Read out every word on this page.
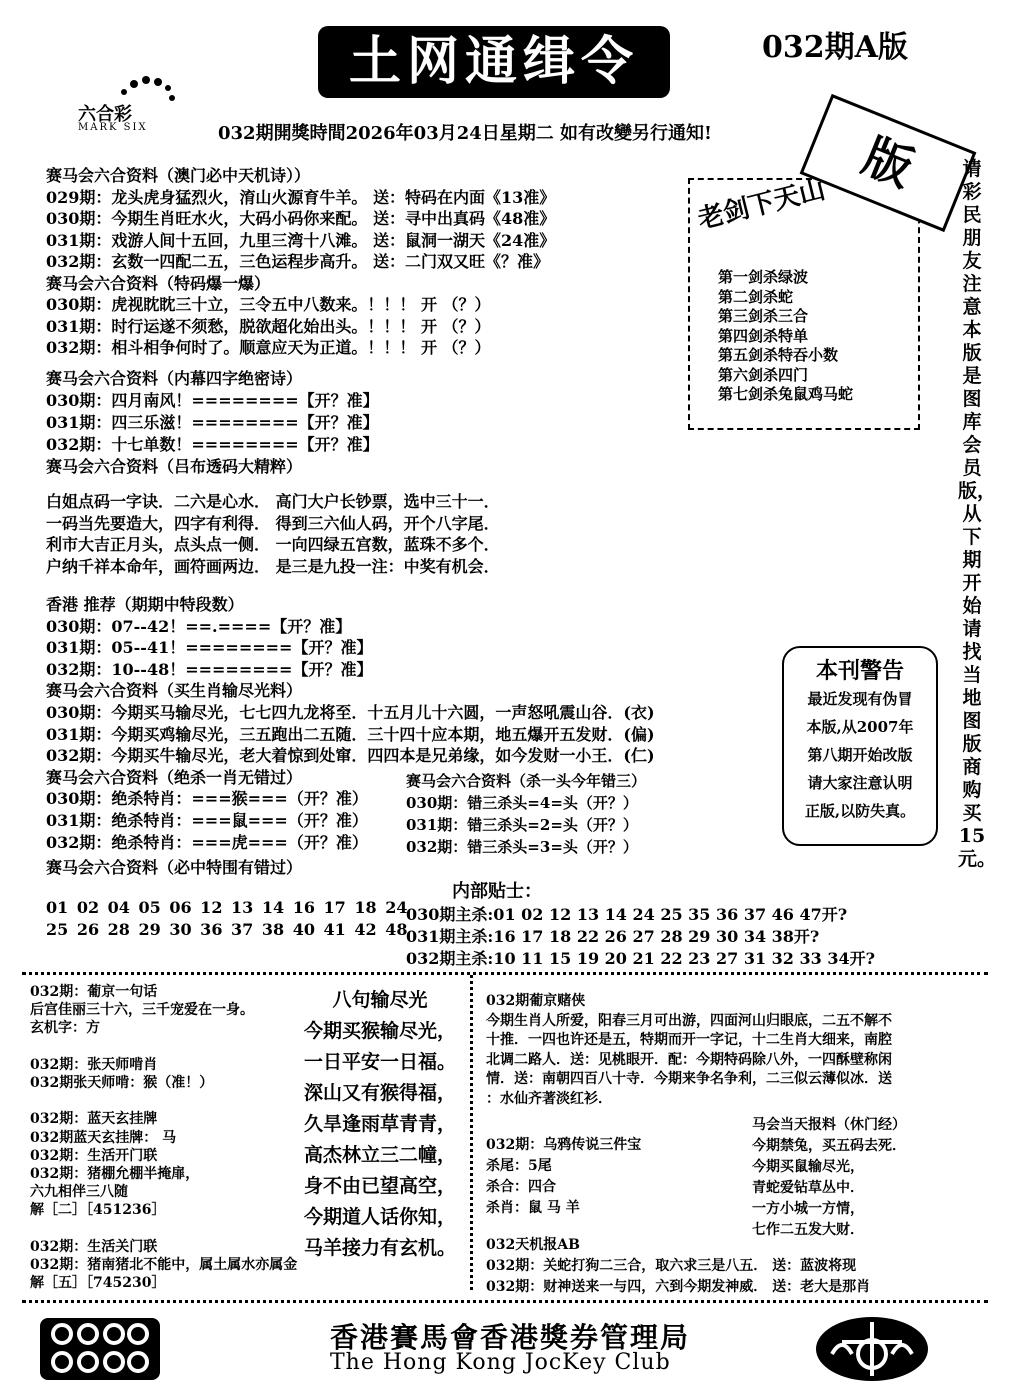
土网通缉令	032期A版
六合彩
MARK SIX	032期開獎時間2026年03月24日星期二 如有改變另行通知!
赛马会六合资料（澳门必中天机诗））
029期：龙头虎身猛烈火，淯山火源育牛羊。 送：特码在内面《13准》
030期：今期生肖旺水火，大码小码你来配。 送：寻中出真码《48准》
031期：戏游人间十五回，九里三湾十八滩。 送：鼠洞一湖天《24准》
032期：玄数一四配二五，三色运程步高升。 送：二门双又旺《？准》
赛马会六合资料（特码爆一爆）
030期：虎视眈眈三十立，三令五中八数来。！！！ 开 （？）
031期：时行运遂不须愁，脱欲超化始出头。！！！ 开 （？）
032期：相斗相争何时了。顺意应天为正道。！！！ 开 （？）
赛马会六合资料（内幕四字绝密诗）
030期：四月南风！========【开？准】
031期：四三乐滋！========【开？准】
032期：十七单数！========【开？准】
赛马会六合资料（吕布透码大精粹）
白姐点码一字诀．二六是心水． 高门大户长钞票，选中三十一．
一码当先要造大，四字有利得． 得到三六仙人码，开个八字尾．
利市大吉正月头，点头点一侧． 一向四绿五宫数，蓝珠不多个．
户纳千祥本命年，画符画两边． 是三是九投一注：中奖有机会．
香港 推荐（期期中特段数）
030期：07--42！==.====【开？准】
031期：05--41！========【开？准】
032期：10--48！========【开？准】
赛马会六合资料（买生肖输尽光料）
030期：今期买马输尽光，七七四九龙将至．十五月儿十六圆，一声怒吼震山谷．(衣)
031期：今期买鸡输尽光，三五跑出二五随．三十四十应本期，地五爆开五发财．(偏)
032期：今期买牛输尽光，老大着惊到处窜．四四本是兄弟缘，如今发财一小王．(仁)
赛马会六合资料（绝杀一肖无错过）
030期：绝杀特肖：===猴===（开？准）
031期：绝杀特肖：===鼠===（开？准）
032期：绝杀特肖：===虎===（开？准）
赛马会六合资料（杀一头今年错三）
030期：错三杀头=4=头（开？）
031期：错三杀头=2=头（开？）
032期：错三杀头=3=头（开？）
赛马会六合资料（必中特围有错过）
01 02 04 05 06 12 13 14 16 17 18 24
25 26 28 29 30 36 37 38 40 41 42 48
内部贴士：
030期主杀:01 02 12 13 14 24 25 35 36 37 46 47开?
031期主杀:16 17 18 22 26 27 28 29 30 34 38开?
032期主杀:10 11 15 19 20 21 22 23 27 31 32 33 34开?
版
老剑下天山
第一剑杀绿波
第二剑杀蛇
第三剑杀三合
第四剑杀特单
第五剑杀特吞小数
第六剑杀四门
第七剑杀兔鼠鸡马蛇
请彩民朋友注意本版是图库会员版，从下期开始请找当地图版商购买15元。
本刊警告
最近发现有伪冒
本版,从2007年
第八期开始改版
请大家注意认明
正版,以防失真。
032期：葡京一句话
后宫佳丽三十六，三千宠爱在一身。
玄机字：方
032期：张天师啃肖
032期张天师啃：猴（准！）
032期：蓝天玄挂牌
032期蓝天玄挂牌： 马
032期：生活开门联
032期：猪棚允棚半掩扉，
六九相伴三八随
解［二］［451236］
032期：生活关门联
032期：猪南猪北不能中，属土属水亦属金
解［五］［745230］
八句输尽光
今期买猴输尽光，
一日平安一日福。
深山又有猴得福，
久旱逢雨草青青，
高杰林立三二幢，
身不由已望高空，
今期道人话你知，
马羊接力有玄机。
032期葡京赌侠
今期生肖人所爱，阳春三月可出游，四面河山归眼底，二五不解不
十推．一四也许还是五，特期而开一字记，十二生肖大细来，南腔
北调二路人．送：见桃眼开．配：今期特码除八外，一四酥壁称闲
情．送：南朝四百八十寺．今期来争名争利，二三似云薄似冰．送
：水仙齐著淡红衫．
032期：乌鸦传说三件宝
杀尾：5尾
杀合：四合
杀肖：鼠 马 羊
马会当天报料（休门经）
今期禁兔，买五码去死．
今期买鼠输尽光，
青蛇爱钻草丛中．
一方小城一方情，
七作二五发大财．
032天机报AB
032期：关蛇打狗二三合，取六求三是八五． 送：蓝波将现
032期：财神送来一与四，六到今期发神威． 送：老大是那肖
香港賽馬會香港獎券管理局
The Hong Kong JocKey Club
